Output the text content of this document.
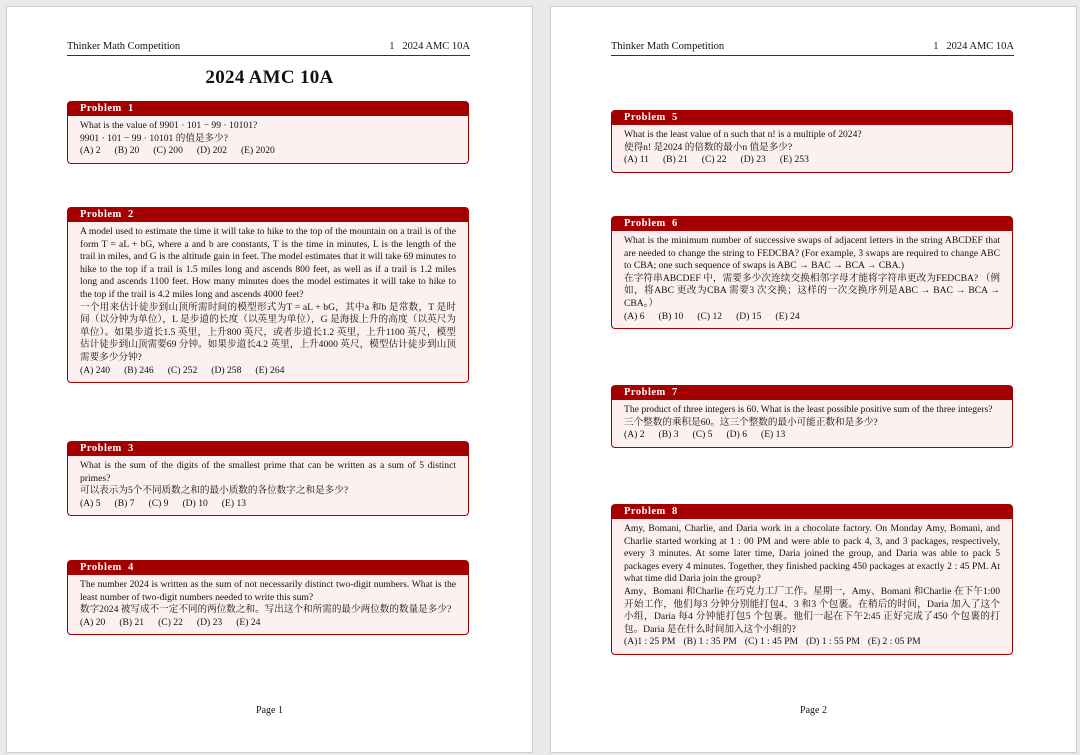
Thinker Math Competition	1   2024 AMC 10A
2024 AMC 10A
Problem  1

What is the value of 9901 · 101 − 99 · 10101?

9901 · 101 − 99 · 10101 的值是多少?

(A) 2 (B) 20 (C) 200 (D) 202 (E) 2020
Problem  2

A model used to estimate the time it will take to hike to the top of the mountain on a trail is of the form T = aL + bG, where a and b are constants, T is the time in minutes, L is the length of the trail in miles, and G is the altitude gain in feet. The model estimates that it will take 69 minutes to hike to the top if a trail is 1.5 miles long and ascends 800 feet, as well as if a trail is 1.2 miles long and ascends 1100 feet. How many minutes does the model estimates it will take to hike to the top if the trail is 4.2 miles long and ascends 4000 feet?

一个用来估计徒步到山顶所需时间的模型形式为T = aL + bG，其中a 和b 是常数，T 是时间（以分钟为单位），L 是步道的长度（以英里为单位），G 是海拔上升的高度（以英尺为单位）。如果步道长1.5 英里，上升800 英尺，或者步道长1.2 英里，上升1100 英尺，模型估计徒步到山顶需要69 分钟。如果步道长4.2 英里，上升4000 英尺，模型估计徒步到山顶需要多少分钟?

(A) 240 (B) 246 (C) 252 (D) 258 (E) 264
Problem  3

What is the sum of the digits of the smallest prime that can be written as a sum of 5 distinct primes?

可以表示为5个不同质数之和的最小质数的各位数字之和是多少?

(A) 5 (B) 7 (C) 9 (D) 10 (E) 13
Problem  4

The number 2024 is written as the sum of not necessarily distinct two-digit numbers. What is the least number of two-digit numbers needed to write this sum?

数字2024 被写成不一定不同的两位数之和。写出这个和所需的最少两位数的数量是多少?

(A) 20 (B) 21 (C) 22 (D) 23 (E) 24
Page 1
Thinker Math Competition	1   2024 AMC 10A
Problem  5

What is the least value of n such that n! is a multiple of 2024?

使得n! 是2024 的倍数的最小n 值是多少?

(A) 11 (B) 21 (C) 22 (D) 23 (E) 253
Problem  6

What is the minimum number of successive swaps of adjacent letters in the string ABCDEF that are needed to change the string to FEDCBA? (For example, 3 swaps are required to change ABC to CBA; one such sequence of swaps is ABC → BAC → BCA → CBA.)

在字符串ABCDEF 中，需要多少次连续交换相邻字母才能将字符串更改为FEDCBA? （例如，将ABC 更改为CBA 需要3 次交换；这样的一次交换序列是ABC → BAC → BCA → CBA。）

(A) 6 (B) 10 (C) 12 (D) 15 (E) 24
Problem  7

The product of three integers is 60. What is the least possible positive sum of the three integers?

三个整数的乘积是60。这三个整数的最小可能正数和是多少?

(A) 2 (B) 3 (C) 5 (D) 6 (E) 13
Problem  8

Amy, Bomani, Charlie, and Daria work in a chocolate factory. On Monday Amy, Bomani, and Charlie started working at 1 : 00 PM and were able to pack 4, 3, and 3 packages, respectively, every 3 minutes. At some later time, Daria joined the group, and Daria was able to pack 5 packages every 4 minutes. Together, they finished packing 450 packages at exactly 2 : 45 PM. At what time did Daria join the group?

Amy、Bomani 和Charlie 在巧克力工厂工作。星期一，Amy、Bomani 和Charlie 在下午1:00 开始工作，他们每3 分钟分别能打包4、3 和3 个包裹。在稍后的时间，Daria 加入了这个小组，Daria 每4 分钟能打包5 个包裹。他们一起在下午2:45 正好完成了450 个包裹的打包。Daria 是在什么时间加入这个小组的?

(A)1 : 25 PM (B) 1 : 35 PM (C) 1 : 45 PM (D) 1 : 55 PM (E) 2 : 05 PM
Page 2
